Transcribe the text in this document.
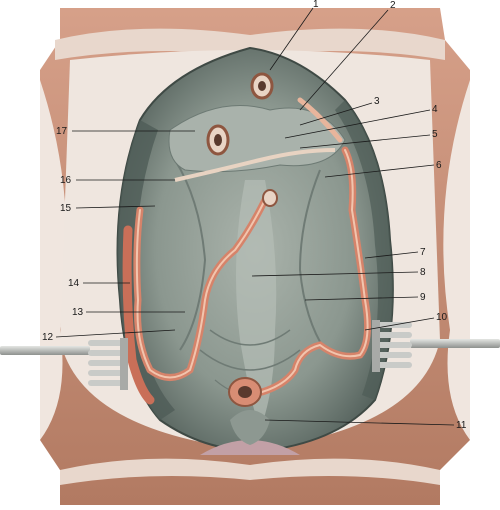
1	2
3
4
5
6
7
8
9
10
11
12
13
14
15
16
17
